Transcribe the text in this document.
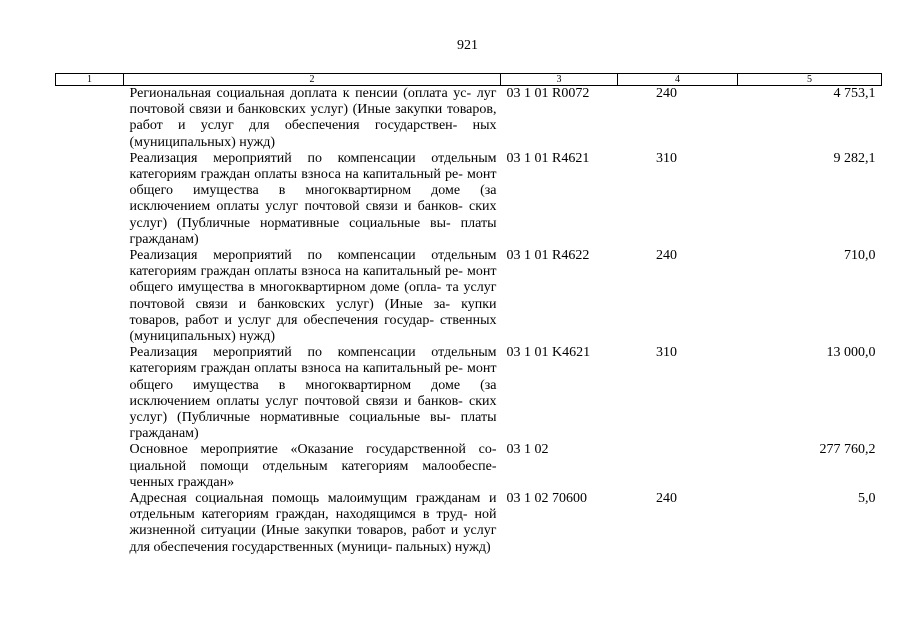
921
1	2	3	4	5
	Региональная социальная доплата к пенсии (оплата ус- луг почтовой связи и банковских услуг) (Иные закупки товаров, работ и услуг для обеспечения государствен- ных (муниципальных) нужд)	03 1 01 R0072	240	4 753,1
	Реализация мероприятий по компенсации отдельным категориям граждан оплаты взноса на капитальный ре- монт общего имущества в многоквартирном доме (за исключением оплаты услуг почтовой связи и банков- ских услуг) (Публичные нормативные социальные вы- платы гражданам)	03 1 01 R4621	310	9 282,1
	Реализация мероприятий по компенсации отдельным категориям граждан оплаты взноса на капитальный ре- монт общего имущества в многоквартирном доме (опла- та услуг почтовой связи и банковских услуг) (Иные за- купки товаров, работ и услуг для обеспечения государ- ственных (муниципальных) нужд)	03 1 01 R4622	240	710,0
	Реализация мероприятий по компенсации отдельным категориям граждан оплаты взноса на капитальный ре- монт общего имущества в многоквартирном доме (за исключением оплаты услуг почтовой связи и банков- ских услуг) (Публичные нормативные социальные вы- платы гражданам)	03 1 01 K4621	310	13 000,0
	Основное мероприятие «Оказание государственной со- циальной помощи отдельным категориям малообеспе- ченных граждан»	03 1 02		277 760,2
	Адресная социальная помощь малоимущим гражданам и отдельным категориям граждан, находящимся в труд- ной жизненной ситуации (Иные закупки товаров, работ и услуг для обеспечения государственных (муници- пальных) нужд)	03 1 02 70600	240	5,0
